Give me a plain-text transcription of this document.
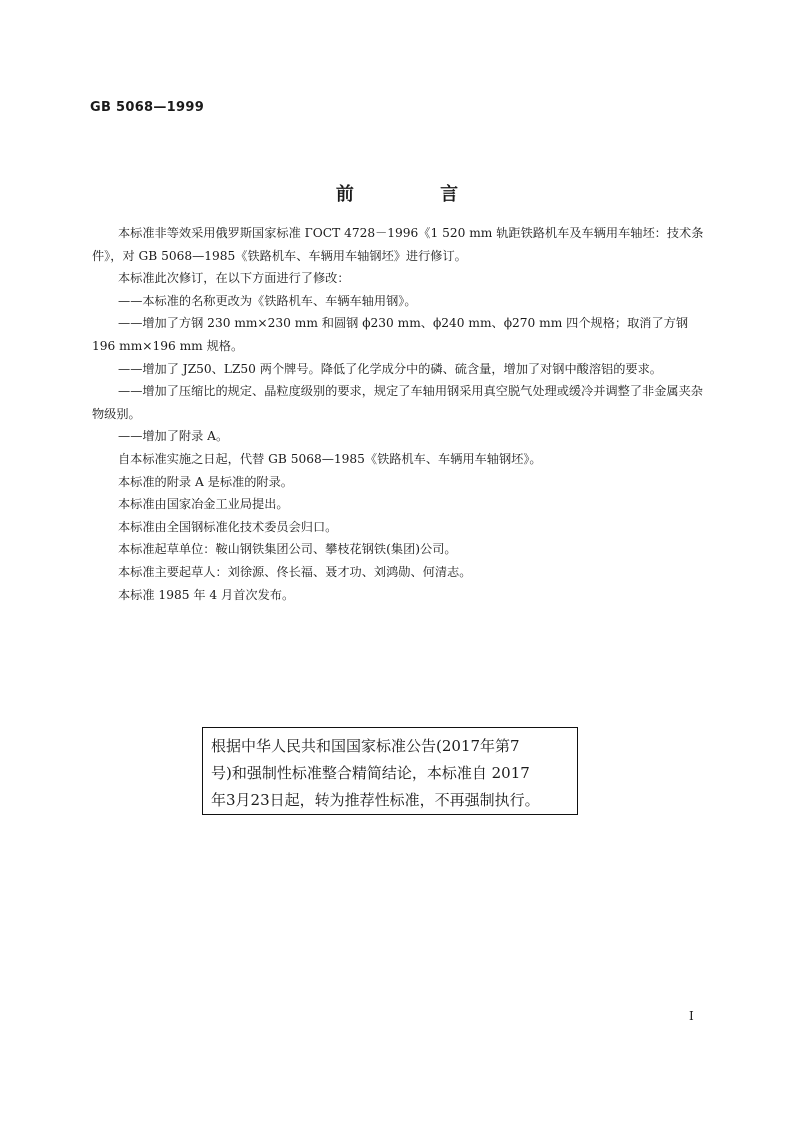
GB 5068—1999
前 言

本标准非等效采用俄罗斯国家标准 ГОСТ 4728－1996《1 520 mm 轨距铁路机车及车辆用车轴坯：技术条件》，对 GB 5068—1985《铁路机车、车辆用车轴钢坯》进行修订。

本标准此次修订，在以下方面进行了修改：

——本标准的名称更改为《铁路机车、车辆车轴用钢》。

——增加了方钢 230 mm×230 mm 和圆钢 ϕ230 mm、ϕ240 mm、ϕ270 mm 四个规格；取消了方钢 196 mm×196 mm 规格。

——增加了 JZ50、LZ50 两个牌号。降低了化学成分中的磷、硫含量，增加了对钢中酸溶铝的要求。

——增加了压缩比的规定、晶粒度级别的要求，规定了车轴用钢采用真空脱气处理或缓冷并调整了非金属夹杂物级别。

——增加了附录 A。

自本标准实施之日起，代替 GB 5068—1985《铁路机车、车辆用车轴钢坯》。

本标准的附录 A 是标准的附录。

本标准由国家冶金工业局提出。

本标准由全国钢标准化技术委员会归口。

本标准起草单位：鞍山钢铁集团公司、攀枝花钢铁(集团)公司。

本标准主要起草人：刘徐源、佟长福、聂才功、刘鸿勋、何清志。

本标准 1985 年 4 月首次发布。

根据中华人民共和国国家标准公告(2017年第7

号)和强制性标准整合精简结论，本标准自 2017

年3月23日起，转为推荐性标准，不再强制执行。

I
